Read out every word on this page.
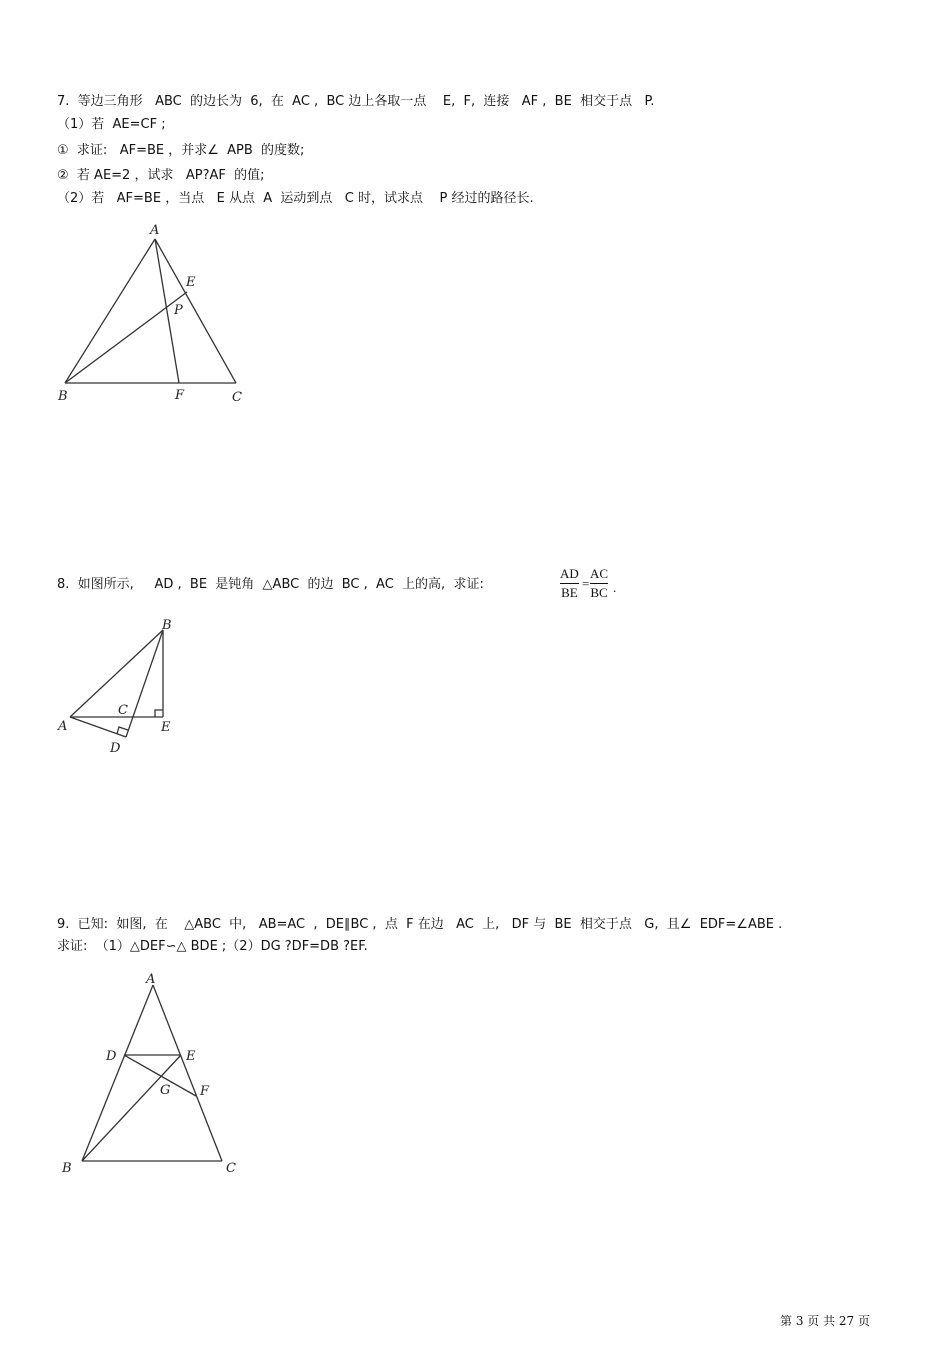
7.  等边三角形   ABC  的边长为  6,  在  AC ,  BC 边上各取一点    E,  F,  连接   AF ,  BE  相交于点   P.
（1）若  AE=CF ;
①  求证:   AF=BE ，并求∠  APB  的度数;
②  若 AE=2 ，试求   AP?AF  的值;
（2）若   AF=BE ，当点   E 从点  A  运动到点   C 时，试求点    P 经过的路径长.
A
B	C
E
F
P
8.  如图所示,     AD ,  BE  是钝角  △ABC  的边  BC ,  AC  上的高,  求证:
AD
BE
=
AC
BC .
B
A
C
D
E
9.  已知:  如图,  在    △ABC  中,   AB=AC  ,  DE∥BC ,  点  F 在边   AC  上,   DF 与  BE  相交于点   G,  且∠  EDF=∠ABE .
求证:  （1）△DEF∽△ BDE ;（2）DG ?DF=DB ?EF.
A
D	E
F
G
B	C
第 3 页 共 27 页
